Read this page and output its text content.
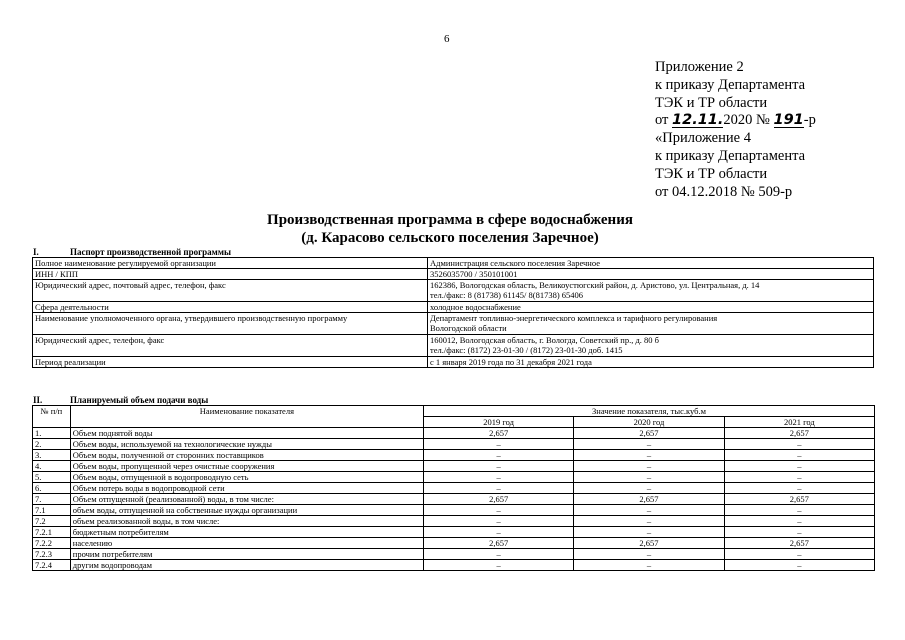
6
Приложение 2
к приказу Департамента
ТЭК и ТР области
от 12.11.2020 № 191-р
«Приложение 4
к приказу Департамента
ТЭК и ТР области
от 04.12.2018 № 509-р
Производственная программа в сфере водоснабжения
(д. Карасово сельского поселения Заречное)
I.	Паспорт производственной программы
Полное наименование регулируемой организации	Администрация сельского поселения Заречное

ИНН / КПП	3526035700 / 350101001

Юридический адрес, почтовый адрес, телефон, факс	162386, Вологодская область, Великоустюгский район, д. Аристово, ул. Центральная, д. 14
тел./факс: 8 (81738) 61145/ 8(81738) 65406

Сфера деятельности	холодное водоснабжение

Наименование уполномоченного органа, утвердившего производственную программу	Департамент топливно-энергетического комплекса и тарифного регулирования
Вологодской области

Юридический адрес, телефон, факс	160012, Вологодская область, г. Вологда, Советский пр., д. 80 б
тел./факс: (8172) 23-01-30 / (8172) 23-01-30 доб. 1415

Период реализации	с 1 января 2019 года по 31 декабря 2021 года
II.	Планируемый объем подачи воды
№ п/п	Наименование показателя	Значение показателя, тыс.куб.м		
		2019 год	2020 год	2021 год
1.	Объем поднятой воды	2,657	2,657	2,657
2.	Объем воды, используемой на технологические нужды	–	–	–
3.	Объем воды, полученной от сторонних поставщиков	–	–	–
4.	Объем воды, пропущенной через очистные сооружения	–	–	–
5.	Объем воды, отпущенной в водопроводную сеть	–	–	–
6.	Объем потерь воды в водопроводной сети	–	–	–
7.	Объем отпущенной (реализованной) воды, в том числе:	2,657	2,657	2,657
7.1	объем воды, отпущенной на собственные нужды организации	–	–	–
7.2	объем реализованной воды, в том числе:	–	–	–
7.2.1	бюджетным потребителям	–	–	–
7.2.2	населению	2,657	2,657	2,657
7.2.3	прочим потребителям	–	–	–
7.2.4	другим водопроводам	–	–	–
